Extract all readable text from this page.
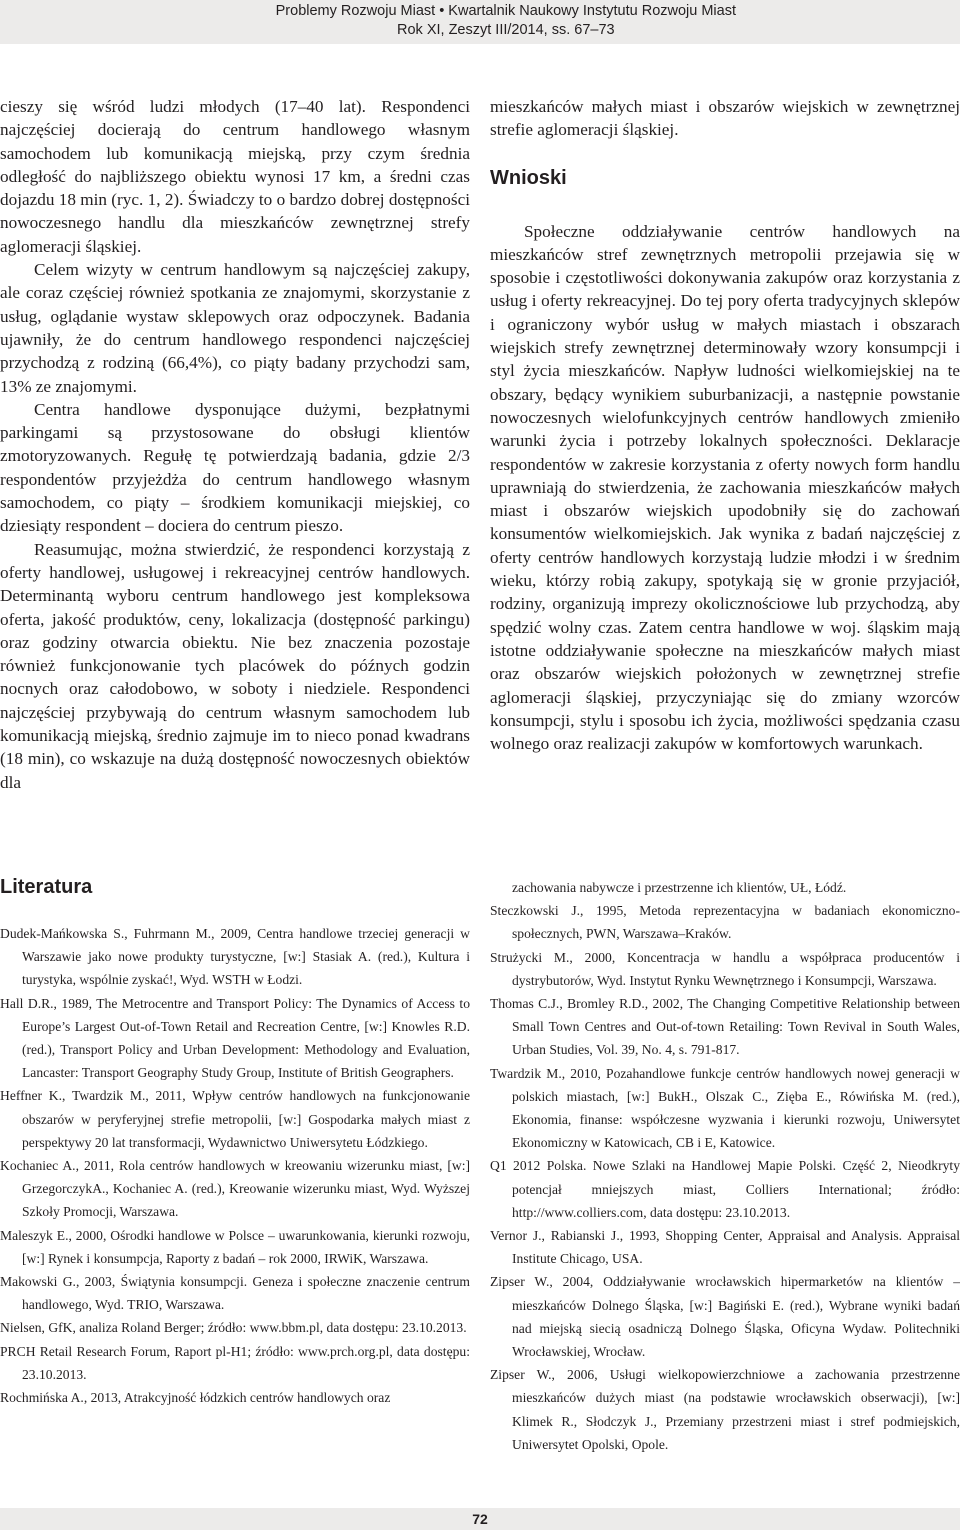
Problemy Rozwoju Miast • Kwartalnik Naukowy Instytutu Rozwoju Miast
Rok XI, Zeszyt III/2014, ss. 67–73

cieszy się wśród ludzi młodych (17–40 lat). Respondenci najczęściej docierają do centrum handlowego własnym samochodem lub komunikacją miejską, przy czym średnia odległość do najbliższego obiektu wynosi 17 km, a średni czas dojazdu 18 min (ryc. 1, 2). Świadczy to o bardzo dobrej dostępności nowoczesnego handlu dla mieszkańców zewnętrznej strefy aglomeracji śląskiej.

Celem wizyty w centrum handlowym są najczęściej zakupy, ale coraz częściej również spotkania ze znajomymi, skorzystanie z usług, oglądanie wystaw sklepowych oraz odpoczynek. Badania ujawniły, że do centrum handlowego respondenci najczęściej przychodzą z rodziną (66,4%), co piąty badany przychodzi sam, 13% ze znajomymi.

Centra handlowe dysponujące dużymi, bezpłatnymi parkingami są przystosowane do obsługi klientów zmotoryzowanych. Regułę tę potwierdzają badania, gdzie 2/3 respondentów przyjeżdża do centrum handlowego własnym samochodem, co piąty – środkiem komunikacji miejskiej, co dziesiąty respondent – dociera do centrum pieszo.

Reasumując, można stwierdzić, że respondenci korzystają z oferty handlowej, usługowej i rekreacyjnej centrów handlowych. Determinantą wyboru centrum handlowego jest kompleksowa oferta, jakość produktów, ceny, lokalizacja (dostępność parkingu) oraz godziny otwarcia obiektu. Nie bez znaczenia pozostaje również funkcjonowanie tych placówek do późnych godzin nocnych oraz całodobowo, w soboty i niedziele. Respondenci najczęściej przybywają do centrum własnym samochodem lub komunikacją miejską, średnio zajmuje im to nieco ponad kwadrans (18 min), co wskazuje na dużą dostępność nowoczesnych obiektów dla

mieszkańców małych miast i obszarów wiejskich w zewnętrznej strefie aglomeracji śląskiej.

Wnioski

Społeczne oddziaływanie centrów handlowych na mieszkańców stref zewnętrznych metropolii przejawia się w sposobie i częstotliwości dokonywania zakupów oraz korzystania z usług i oferty rekreacyjnej. Do tej pory oferta tradycyjnych sklepów i ograniczony wybór usług w małych miastach i obszarach wiejskich strefy zewnętrznej determinowały wzory konsumpcji i styl życia mieszkańców. Napływ ludności wielkomiejskiej na te obszary, będący wynikiem suburbanizacji, a następnie powstanie nowoczesnych wielofunkcyjnych centrów handlowych zmieniło warunki życia i potrzeby lokalnych społeczności. Deklaracje respondentów w zakresie korzystania z oferty nowych form handlu uprawniają do stwierdzenia, że zachowania mieszkańców małych miast i obszarów wiejskich upodobniły się do zachowań konsumentów wielkomiejskich. Jak wynika z badań najczęściej z oferty centrów handlowych korzystają ludzie młodzi i w średnim wieku, którzy robią zakupy, spotykają się w gronie przyjaciół, rodziny, organizują imprezy okolicznościowe lub przychodzą, aby spędzić wolny czas. Zatem centra handlowe w woj. śląskim mają istotne oddziaływanie społeczne na mieszkańców małych miast oraz obszarów wiejskich położonych w zewnętrznej strefie aglomeracji śląskiej, przyczyniając się do zmiany wzorców konsumpcji, stylu i sposobu ich życia, możliwości spędzania czasu wolnego oraz realizacji zakupów w komfortowych warunkach.

Literatura

Dudek-Mańkowska S., Fuhrmann M., 2009, Centra handlowe trzeciej generacji w Warszawie jako nowe produkty turystyczne, [w:] Stasiak A. (red.), Kultura i turystyka, wspólnie zyskać!, Wyd. WSTH w Łodzi.

Hall D.R., 1989, The Metrocentre and Transport Policy: The Dynamics of Access to Europe’s Largest Out-of-Town Retail and Recreation Centre, [w:] Knowles R.D. (red.), Transport Policy and Urban Development: Methodology and Evaluation, Lancaster: Transport Geography Study Group, Institute of British Geographers.

Heffner K., Twardzik M., 2011, Wpływ centrów handlowych na funkcjonowanie obszarów w peryferyjnej strefie metropolii, [w:] Gospodarka małych miast z perspektywy 20 lat transformacji, Wydawnictwo Uniwersytetu Łódzkiego.

Kochaniec A., 2011, Rola centrów handlowych w kreowaniu wizerunku miast, [w:] GrzegorczykA., Kochaniec A. (red.), Kreowanie wizerunku miast, Wyd. Wyższej Szkoły Promocji, Warszawa.

Maleszyk E., 2000, Ośrodki handlowe w Polsce – uwarunkowania, kierunki rozwoju, [w:] Rynek i konsumpcja, Raporty z badań – rok 2000, IRWiK, Warszawa.

Makowski G., 2003, Świątynia konsumpcji. Geneza i społeczne znaczenie centrum handlowego, Wyd. TRIO, Warszawa.

Nielsen, GfK, analiza Roland Berger; źródło: www.bbm.pl, data dostępu: 23.10.2013.

PRCH Retail Research Forum, Raport pl-H1; źródło: www.prch.org.pl, data dostępu: 23.10.2013.

Rochmińska A., 2013, Atrakcyjność łódzkich centrów handlowych oraz

zachowania nabywcze i przestrzenne ich klientów, UŁ, Łódź.

Steczkowski J., 1995, Metoda reprezentacyjna w badaniach ekonomiczno-społecznych, PWN, Warszawa–Kraków.

Strużycki M., 2000, Koncentracja w handlu a współpraca producentów i dystrybutorów, Wyd. Instytut Rynku Wewnętrznego i Konsumpcji, Warszawa.

Thomas C.J., Bromley R.D., 2002, The Changing Competitive Relationship between Small Town Centres and Out-of-town Retailing: Town Revival in South Wales, Urban Studies, Vol. 39, No. 4, s. 791-817.

Twardzik M., 2010, Pozahandlowe funkcje centrów handlowych nowej generacji w polskich miastach, [w:] BukH., Olszak C., Zięba E., Rówińska M. (red.), Ekonomia, finanse: współczesne wyzwania i kierunki rozwoju, Uniwersytet Ekonomiczny w Katowicach, CB i E, Katowice.

Q1 2012 Polska. Nowe Szlaki na Handlowej Mapie Polski. Część 2, Nieodkryty potencjał mniejszych miast, Colliers International; źródło: http://www.colliers.com, data dostępu: 23.10.2013.

Vernor J., Rabianski J., 1993, Shopping Center, Appraisal and Analysis. Appraisal Institute Chicago, USA.

Zipser W., 2004, Oddziaływanie wrocławskich hipermarketów na klientów – mieszkańców Dolnego Śląska, [w:] Bagiński E. (red.), Wybrane wyniki badań nad miejską siecią osadniczą Dolnego Śląska, Oficyna Wydaw. Politechniki Wrocławskiej, Wrocław.

Zipser W., 2006, Usługi wielkopowierzchniowe a zachowania przestrzenne mieszkańców dużych miast (na podstawie wrocławskich obserwacji), [w:] Klimek R., Słodczyk J., Przemiany przestrzeni miast i stref podmiejskich, Uniwersytet Opolski, Opole.

72
